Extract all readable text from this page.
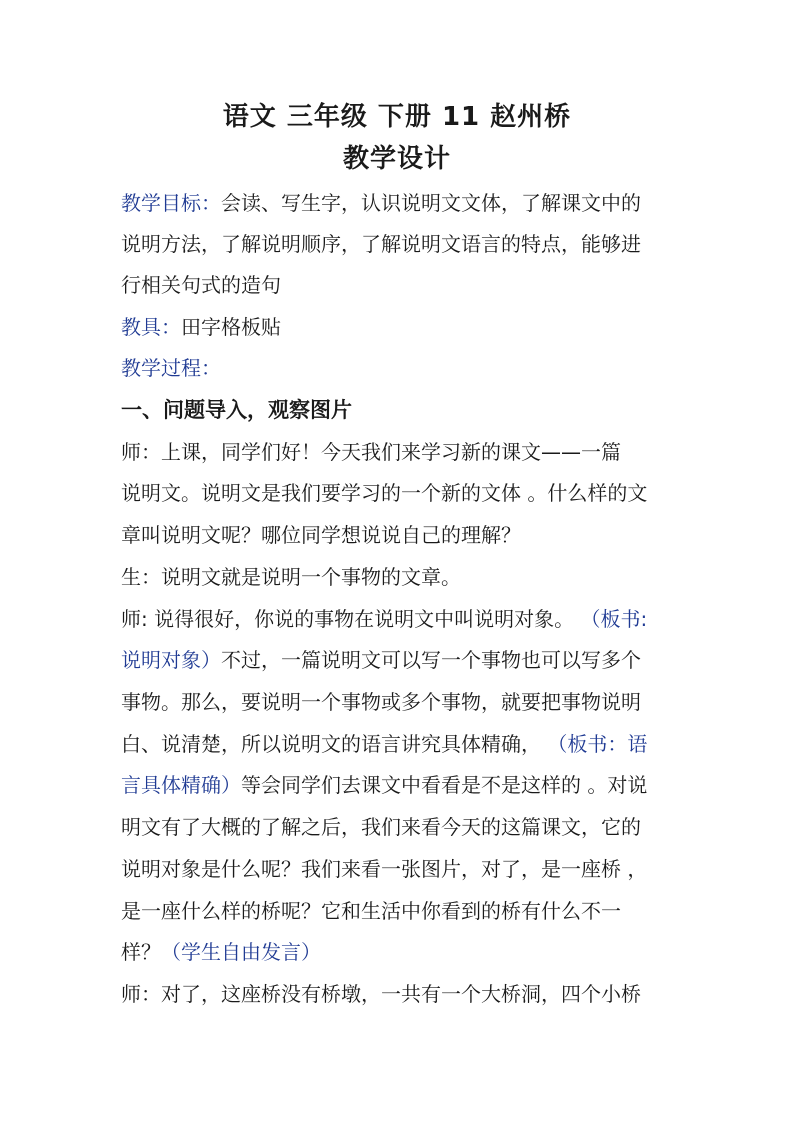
语文 三年级 下册 11 赵州桥
教学设计
教学目标：会读、写生字，认识说明文文体，了解课文中的
说明方法，了解说明顺序，了解说明文语言的特点，能够进
行相关句式的造句
教具：田字格板贴
教学过程：
一、问题导入，观察图片
师：上课，同学们好！今天我们来学习新的课文——一篇
说明文。说明文是我们要学习的一个新的文体 。什么样的文
章叫说明文呢？哪位同学想说说自己的理解？
生：说明文就是说明一个事物的文章。
师: 说得很好，你说的事物在说明文中叫说明对象。 （板书:
说明对象）不过，一篇说明文可以写一个事物也可以写多个
事物。那么，要说明一个事物或多个事物，就要把事物说明
白、说清楚，所以说明文的语言讲究具体精确， （板书：语
言具体精确）等会同学们去课文中看看是不是这样的 。对说
明文有了大概的了解之后，我们来看今天的这篇课文，它的
说明对象是什么呢？我们来看一张图片，对了，是一座桥 ，
是一座什么样的桥呢？它和生活中你看到的桥有什么不一
样？（学生自由发言）
师：对了，这座桥没有桥墩，一共有一个大桥洞，四个小桥
